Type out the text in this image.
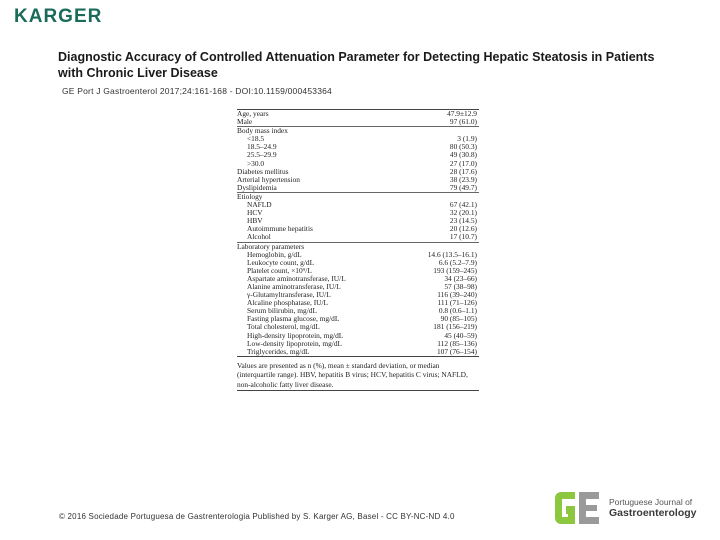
KARGER
Diagnostic Accuracy of Controlled Attenuation Parameter for Detecting Hepatic Steatosis in Patients with Chronic Liver Disease
GE Port J Gastroenterol 2017;24:161-168 - DOI:10.1159/000453364
Age, years	47.9±12.9
Male	97 (61.0)
Body mass index
<18.5	3 (1.9)
18.5–24.9	80 (50.3)
25.5–29.9	49 (30.8)
>30.0	27 (17.0)
Diabetes mellitus	28 (17.6)
Arterial hypertension	38 (23.9)
Dyslipidemia	79 (49.7)
Etiology
NAFLD	67 (42.1)
HCV	32 (20.1)
HBV	23 (14.5)
Autoimmune hepatitis	20 (12.6)
Alcohol	17 (10.7)
Laboratory parameters
Hemoglobin, g/dL	14.6 (13.5–16.1)
Leukocyte count, g/dL	6.6 (5.2–7.9)
Platelet count, ×10⁹/L	193 (159–245)
Aspartate aminotransferase, IU/L	34 (23–66)
Alanine aminotransferase, IU/L	57 (38–98)
γ-Glutamyltransferase, IU/L	116 (39–240)
Alcaline phosphatase, IU/L	111 (71–126)
Serum bilirubin, mg/dL	0.8 (0.6–1.1)
Fasting plasma glucose, mg/dL	90 (85–105)
Total cholesterol, mg/dL	181 (156–219)
High-density lipoprotein, mg/dL	45 (40–59)
Low-density lipoprotein, mg/dL	112 (85–136)
Triglycerides, mg/dL	107 (76–154)
Values are presented as n (%), mean ± standard deviation, or median (interquartile range). HBV, hepatitis B virus; HCV, hepatitis C virus; NAFLD, non-alcoholic fatty liver disease.
© 2016 Sociedade Portuguesa de Gastrenterologia Published by S. Karger AG, Basel - CC BY-NC-ND 4.0
Portuguese Journal of
Gastroenterology
